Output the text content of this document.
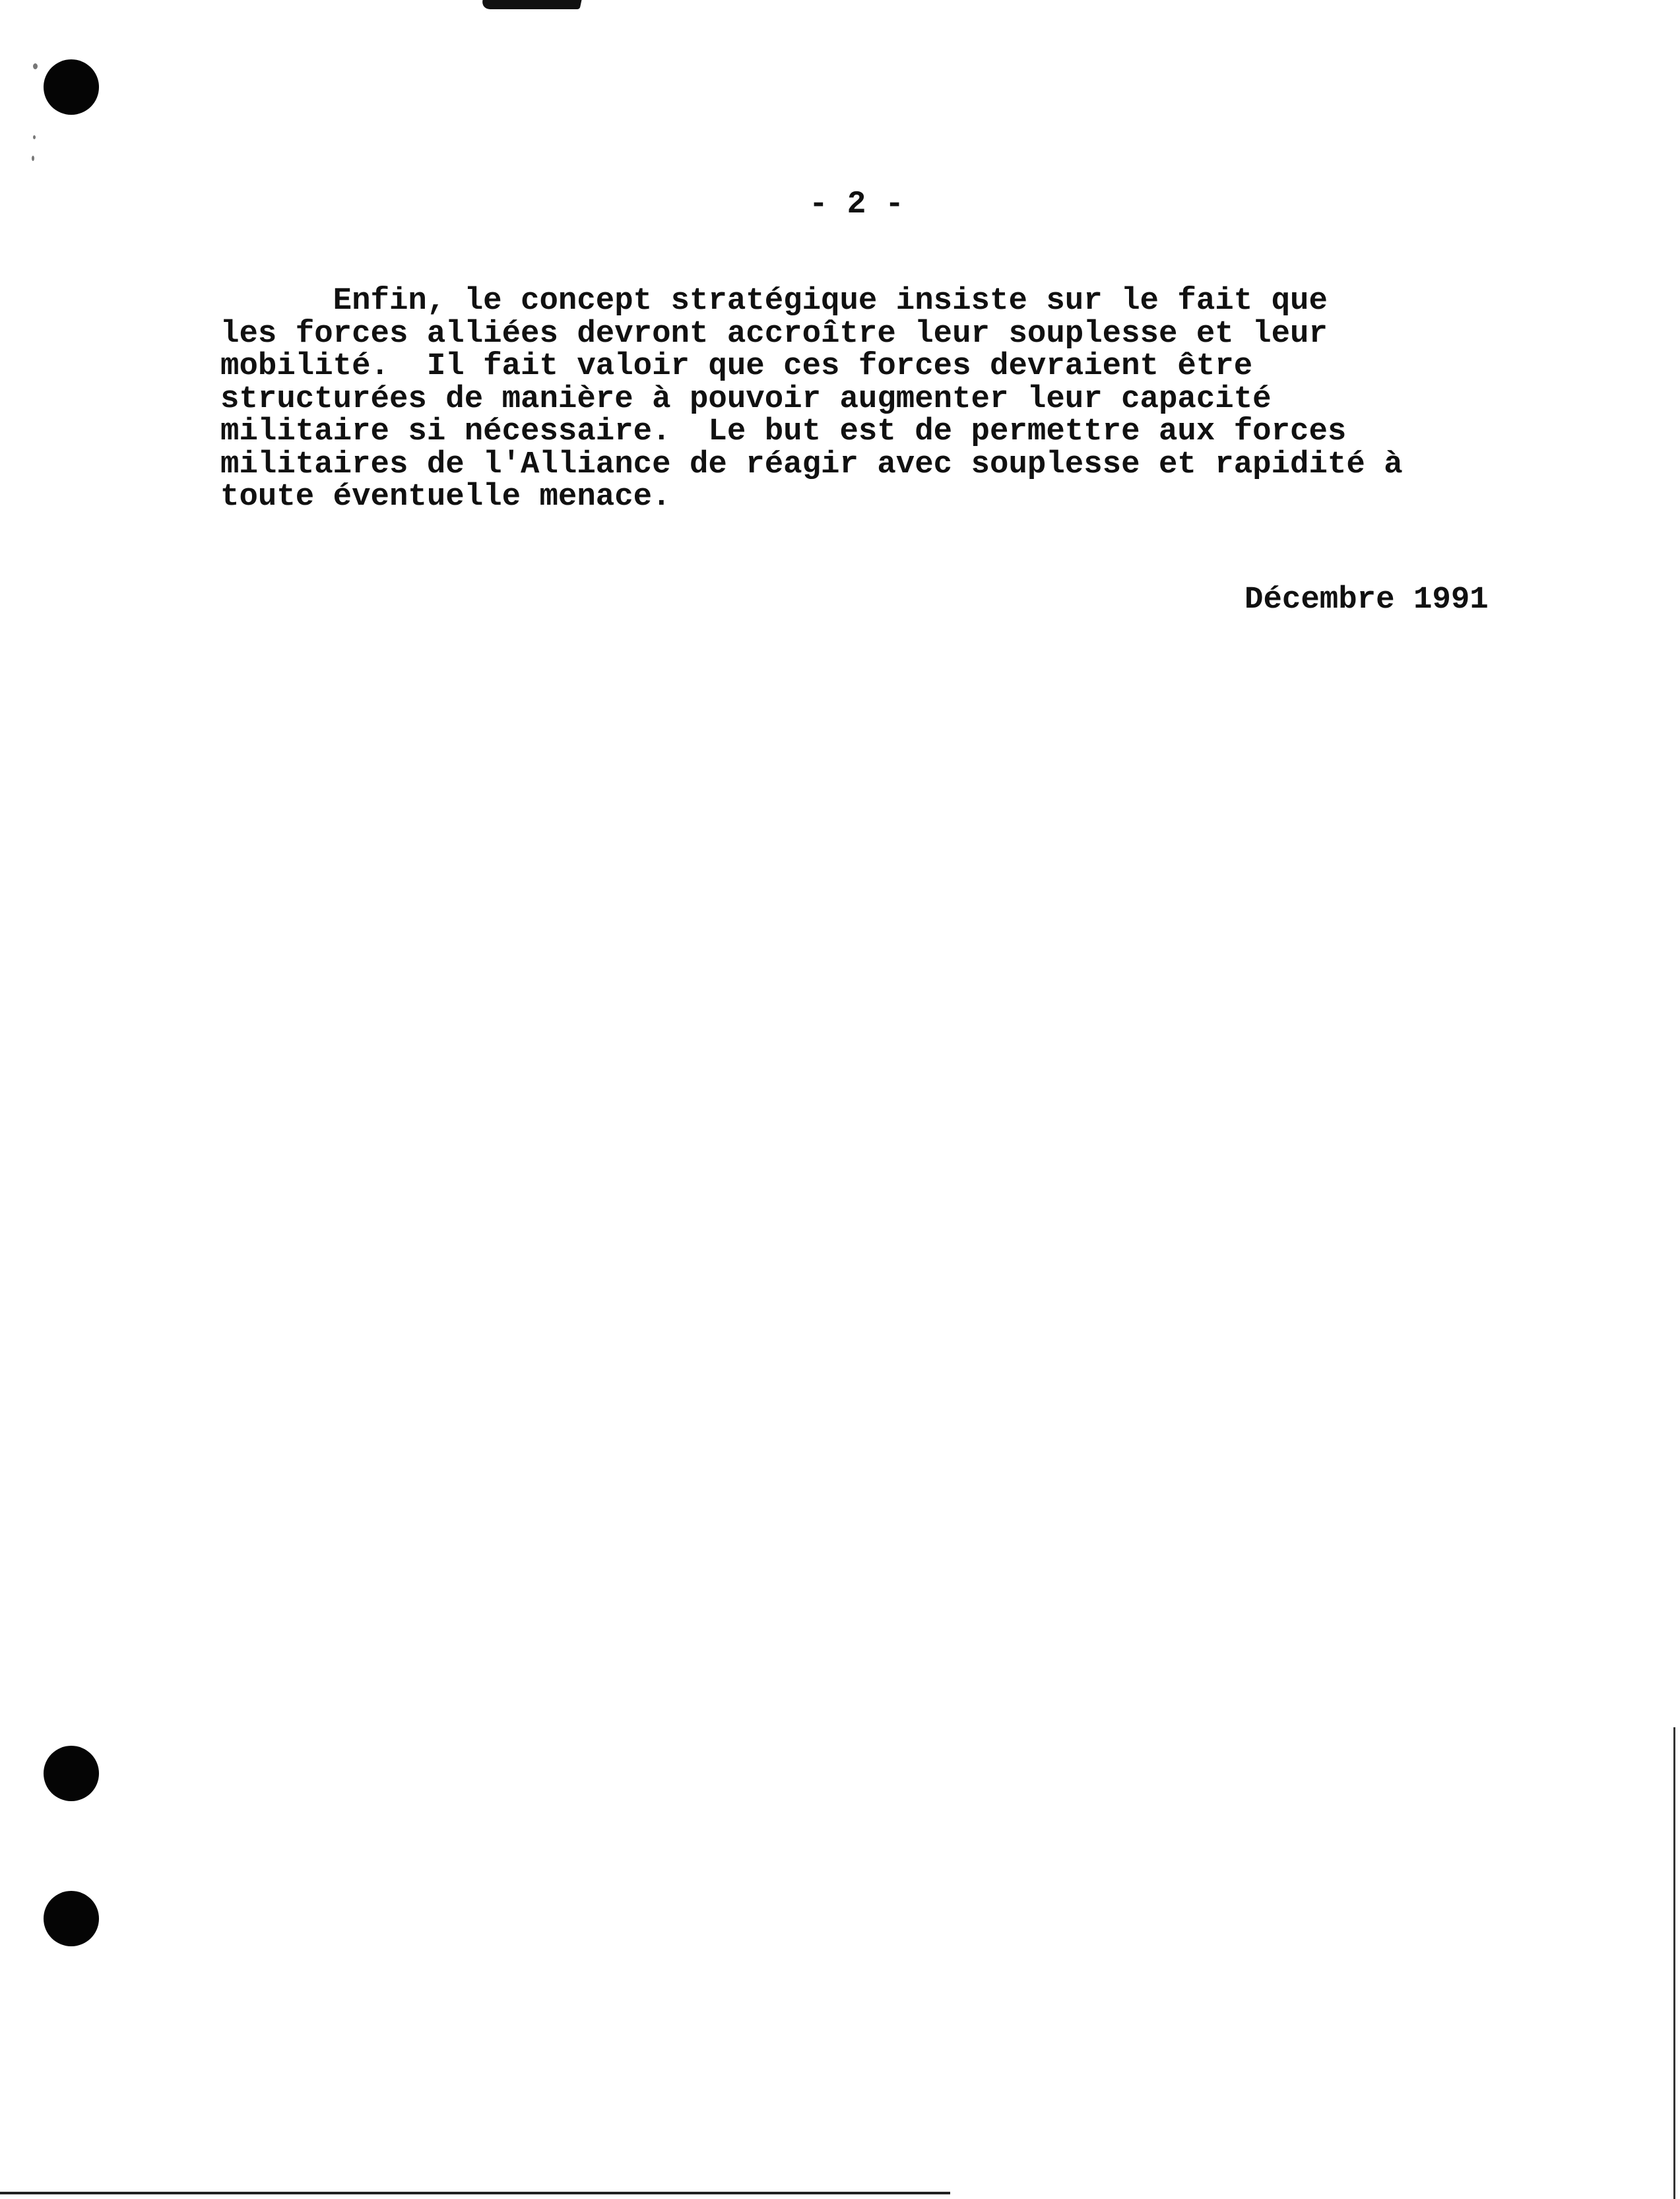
- 2 -
Enfin, le concept stratégique insiste sur le fait que
les forces alliées devront accroître leur souplesse et leur
mobilité.  Il fait valoir que ces forces devraient être
structurées de manière à pouvoir augmenter leur capacité
militaire si nécessaire.  Le but est de permettre aux forces
militaires de l'Alliance de réagir avec souplesse et rapidité à
toute éventuelle menace.
Décembre 1991
